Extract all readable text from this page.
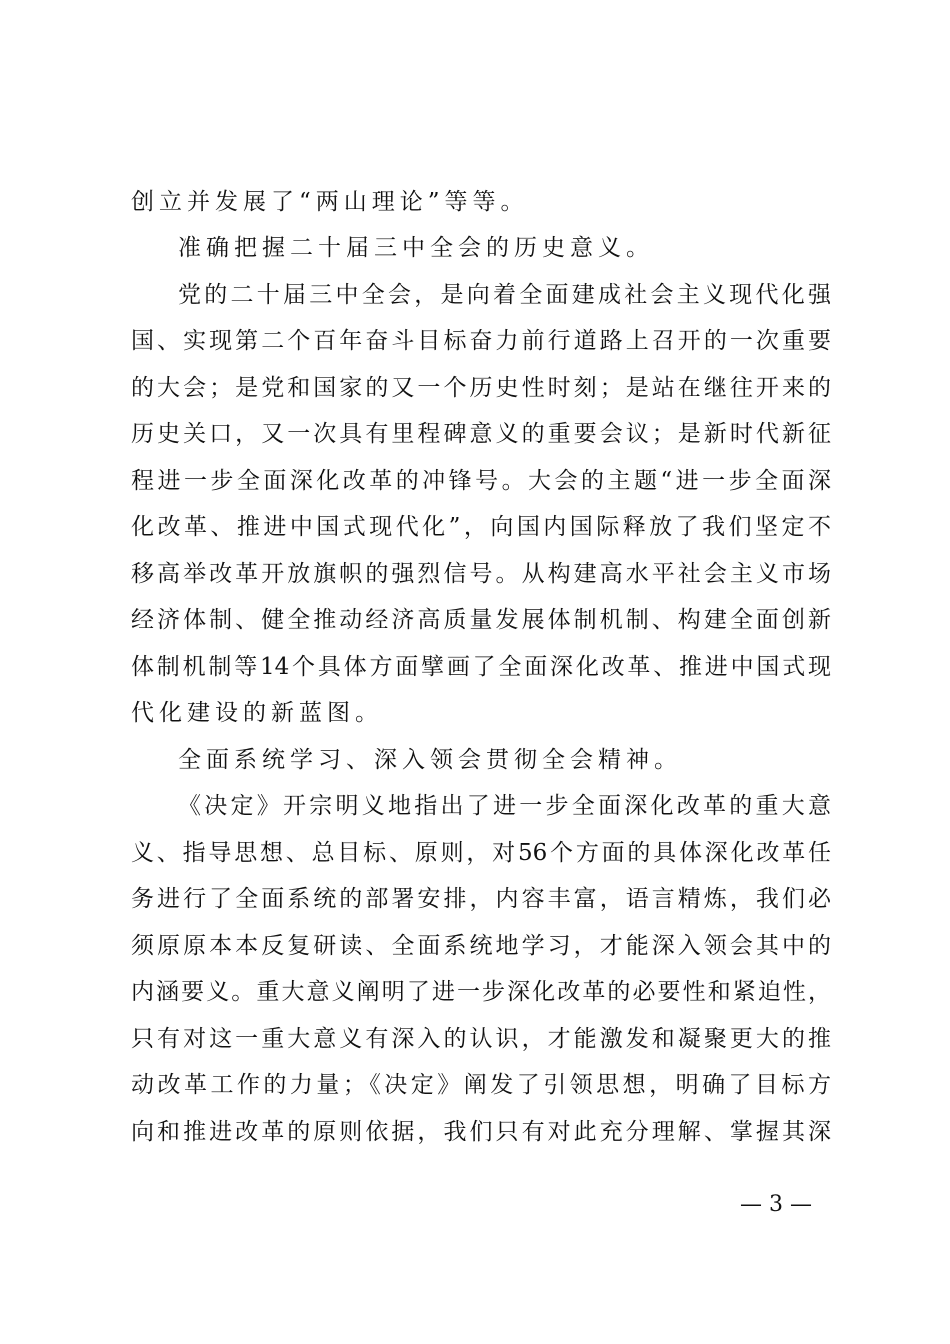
创立并发展了“两山理论”等等。
准确把握二十届三中全会的历史意义。
党的二十届三中全会，是向着全面建成社会主义现代化强
国、实现第二个百年奋斗目标奋力前行道路上召开的一次重要
的大会；是党和国家的又一个历史性时刻；是站在继往开来的
历史关口，又一次具有里程碑意义的重要会议；是新时代新征
程进一步全面深化改革的冲锋号。大会的主题“进一步全面深
化改革、推进中国式现代化”，向国内国际释放了我们坚定不
移高举改革开放旗帜的强烈信号。从构建高水平社会主义市场
经济体制、健全推动经济高质量发展体制机制、构建全面创新
体制机制等14个具体方面擘画了全面深化改革、推进中国式现
代化建设的新蓝图。
全面系统学习、深入领会贯彻全会精神。
《决定》开宗明义地指出了进一步全面深化改革的重大意
义、指导思想、总目标、原则，对56个方面的具体深化改革任
务进行了全面系统的部署安排，内容丰富，语言精炼，我们必
须原原本本反复研读、全面系统地学习，才能深入领会其中的
内涵要义。重大意义阐明了进一步深化改革的必要性和紧迫性，
只有对这一重大意义有深入的认识，才能激发和凝聚更大的推
动改革工作的力量；《决定》阐发了引领思想，明确了目标方
向和推进改革的原则依据，我们只有对此充分理解、掌握其深
— 3 —
